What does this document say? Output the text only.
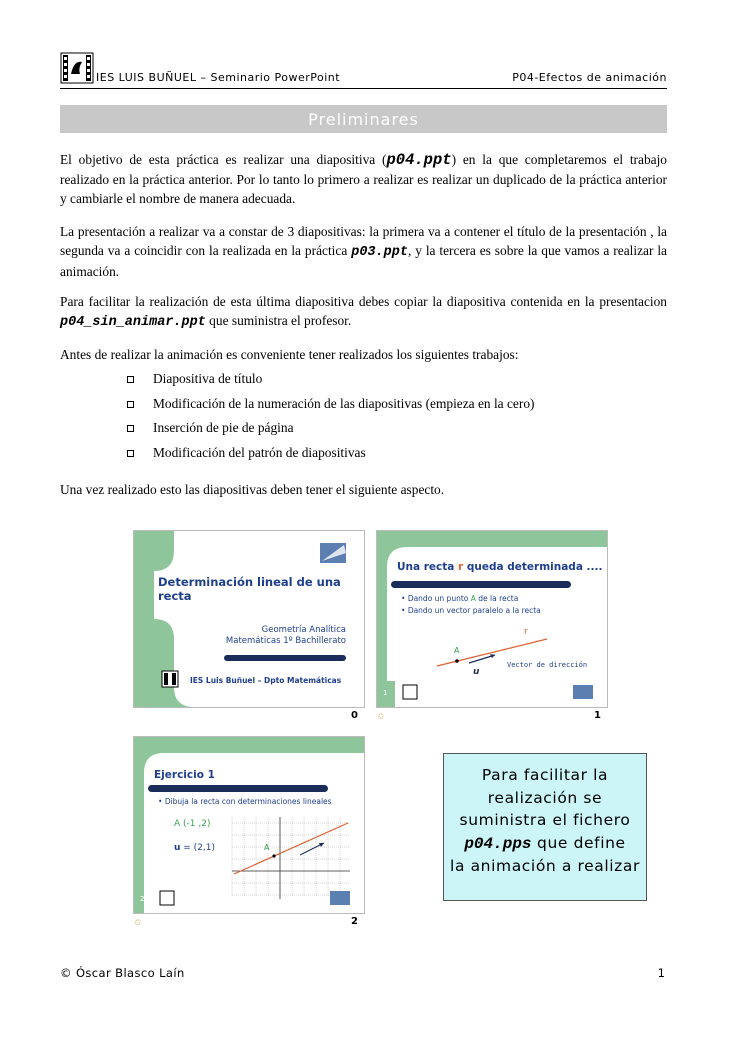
IES LUIS BUÑUEL – Seminario PowerPoint	P04-Efectos de animación
Preliminares
El objetivo de esta práctica es realizar una diapositiva (p04.ppt) en la que completaremos el trabajo realizado en la práctica anterior. Por lo tanto lo primero a realizar es realizar un duplicado de la práctica anterior y cambiarle el nombre de manera adecuada.
La presentación a realizar va a constar de 3 diapositivas: la primera va a contener el título de la presentación , la segunda va a coincidir con la realizada en la práctica p03.ppt, y la tercera es sobre la que vamos a realizar la animación.
Para facilitar la realización de esta última diapositiva debes copiar la diapositiva contenida en la presentacion p04_sin_animar.ppt que suministra el profesor.
Antes de realizar la animación es conveniente tener realizados los siguientes trabajos:
Diapositiva de título
Modificación de la numeración de las diapositivas (empieza en la cero)
Inserción de pie de página
Modificación del patrón de diapositivas
Una vez realizado esto las diapositivas deben tener el siguiente aspecto.
Determinación lineal de una recta
Geometría Analítica
Matemáticas 1º Bachillerato
IES Luis Buñuel – Dpto Matemáticas
0
Una recta r queda determinada ....
• Dando un punto A de la recta
• Dando un vector paralelo a la recta
r
A
u
Vector de dirección
1
✩	1
Ejercicio 1
• Dibuja la recta con determinaciones lineales
A (-1 ,2)
u = (2,1)	A
2
✩	2
Para facilitar la
realización se
suministra el fichero
p04.pps que define
la animación a realizar
© Óscar Blasco Laín	1
